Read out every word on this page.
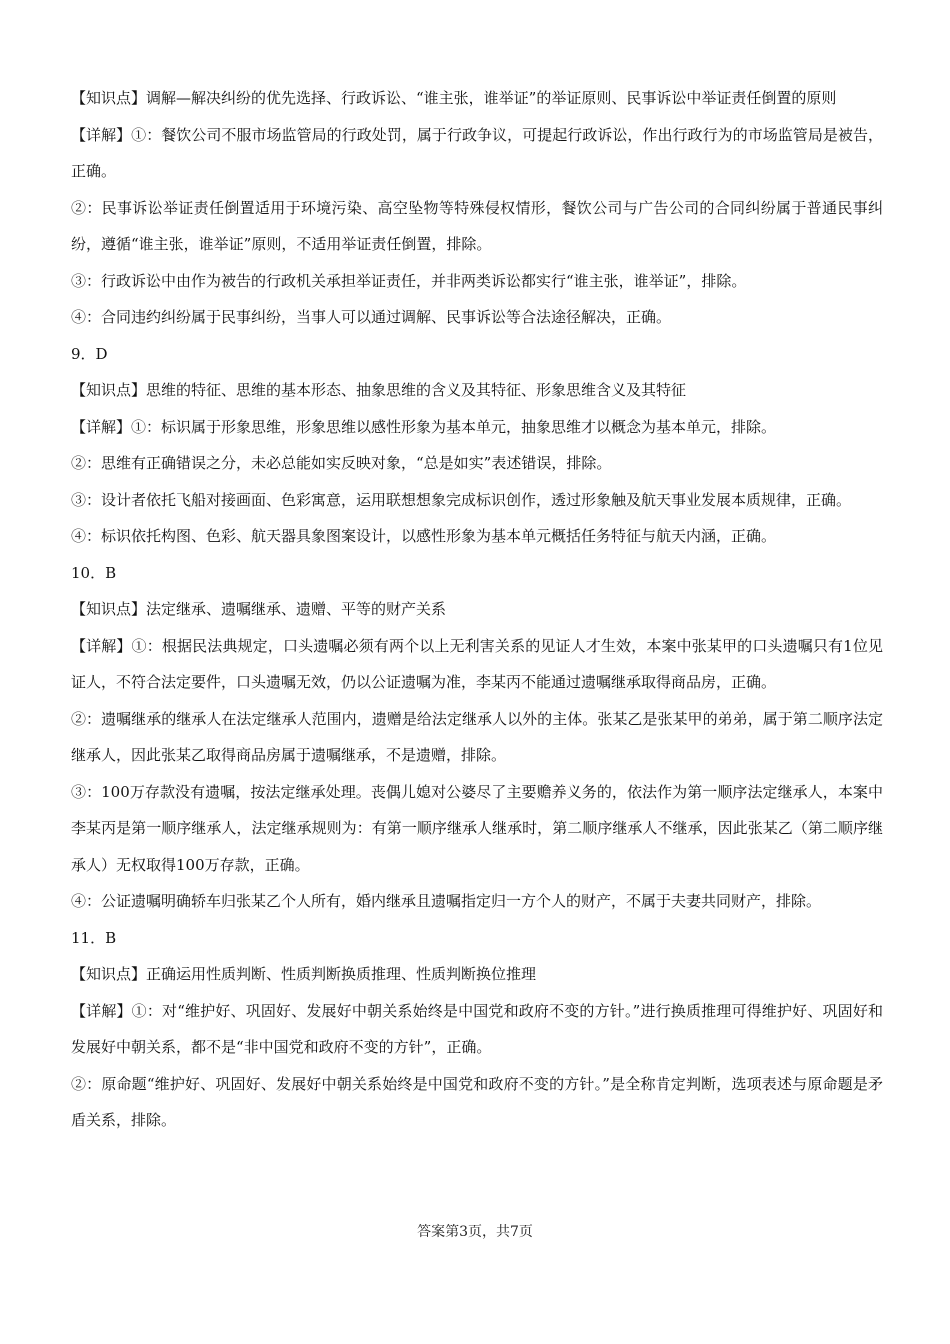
【知识点】调解—解决纠纷的优先选择、行政诉讼、“谁主张，谁举证”的举证原则、民事诉讼中举证责任倒置的原则

【详解】①：餐饮公司不服市场监管局的行政处罚，属于行政争议，可提起行政诉讼，作出行政行为的市场监管局是被告，正确。

②：民事诉讼举证责任倒置适用于环境污染、高空坠物等特殊侵权情形，餐饮公司与广告公司的合同纠纷属于普通民事纠纷，遵循“谁主张，谁举证”原则，不适用举证责任倒置，排除。

③：行政诉讼中由作为被告的行政机关承担举证责任，并非两类诉讼都实行“谁主张，谁举证”，排除。

④：合同违约纠纷属于民事纠纷，当事人可以通过调解、民事诉讼等合法途径解决，正确。

9．D

【知识点】思维的特征、思维的基本形态、抽象思维的含义及其特征、形象思维含义及其特征

【详解】①：标识属于形象思维，形象思维以感性形象为基本单元，抽象思维才以概念为基本单元，排除。

②：思维有正确错误之分，未必总能如实反映对象，“总是如实”表述错误，排除。

③：设计者依托飞船对接画面、色彩寓意，运用联想想象完成标识创作，透过形象触及航天事业发展本质规律，正确。

④：标识依托构图、色彩、航天器具象图案设计，以感性形象为基本单元概括任务特征与航天内涵，正确。

10．B

【知识点】法定继承、遗嘱继承、遗赠、平等的财产关系

【详解】①：根据民法典规定，口头遗嘱必须有两个以上无利害关系的见证人才生效，本案中张某甲的口头遗嘱只有1位见证人，不符合法定要件，口头遗嘱无效，仍以公证遗嘱为准，李某丙不能通过遗嘱继承取得商品房，正确。

②：遗嘱继承的继承人在法定继承人范围内，遗赠是给法定继承人以外的主体。张某乙是张某甲的弟弟，属于第二顺序法定继承人，因此张某乙取得商品房属于遗嘱继承，不是遗赠，排除。

③：100万存款没有遗嘱，按法定继承处理。丧偶儿媳对公婆尽了主要赡养义务的，依法作为第一顺序法定继承人，本案中李某丙是第一顺序继承人，法定继承规则为：有第一顺序继承人继承时，第二顺序继承人不继承，因此张某乙（第二顺序继承人）无权取得100万存款，正确。

④：公证遗嘱明确轿车归张某乙个人所有，婚内继承且遗嘱指定归一方个人的财产，不属于夫妻共同财产，排除。

11．B

【知识点】正确运用性质判断、性质判断换质推理、性质判断换位推理

【详解】①：对“维护好、巩固好、发展好中朝关系始终是中国党和政府不变的方针。”进行换质推理可得维护好、巩固好和发展好中朝关系，都不是“非中国党和政府不变的方针”，正确。

②：原命题“维护好、巩固好、发展好中朝关系始终是中国党和政府不变的方针。”是全称肯定判断，选项表述与原命题是矛盾关系，排除。

答案第3页，共7页
